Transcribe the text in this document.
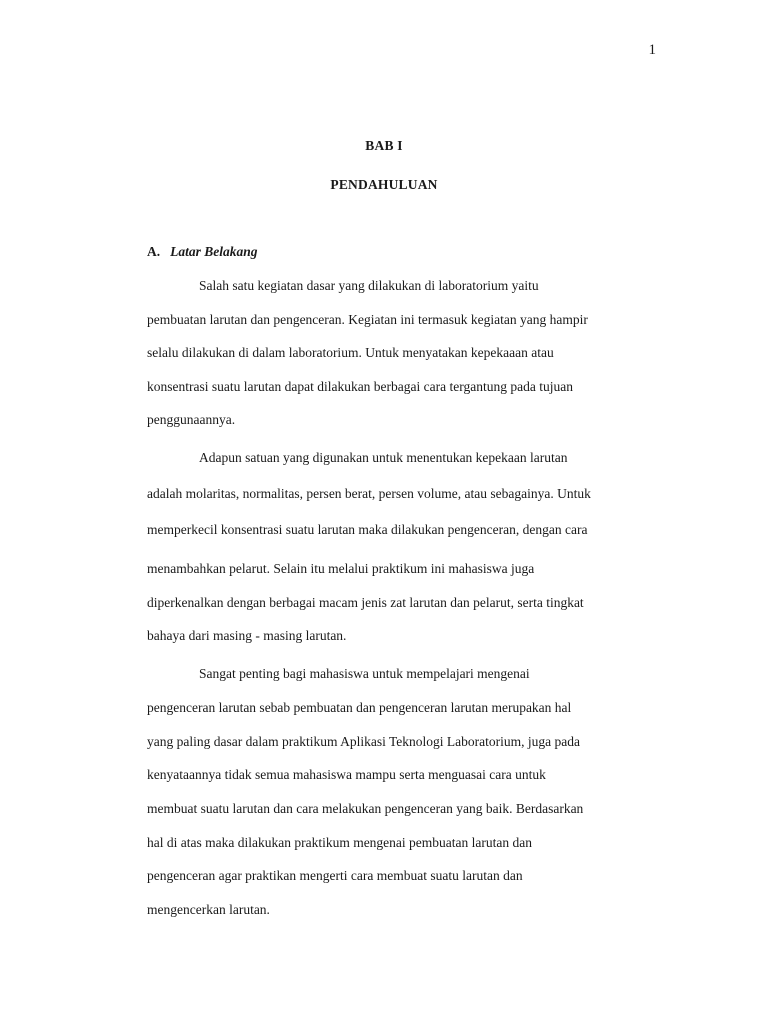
1
BAB I
PENDAHULUAN
A. Latar Belakang
Salah satu kegiatan dasar yang dilakukan di laboratorium yaitu
pembuatan larutan dan pengenceran. Kegiatan ini termasuk kegiatan yang hampir
selalu dilakukan di dalam laboratorium. Untuk menyatakan kepekaaan atau
konsentrasi suatu larutan dapat dilakukan berbagai cara tergantung pada tujuan
penggunaannya.
Adapun satuan yang digunakan untuk menentukan kepekaan larutan
adalah molaritas, normalitas, persen berat, persen volume, atau sebagainya. Untuk
memperkecil konsentrasi suatu larutan maka dilakukan pengenceran, dengan cara
menambahkan pelarut. Selain itu melalui praktikum ini mahasiswa juga
diperkenalkan dengan berbagai macam jenis zat larutan dan pelarut, serta tingkat
bahaya dari masing - masing larutan.
Sangat penting bagi mahasiswa untuk mempelajari mengenai
pengenceran larutan sebab pembuatan dan pengenceran larutan merupakan hal
yang paling dasar dalam praktikum Aplikasi Teknologi Laboratorium, juga pada
kenyataannya tidak semua mahasiswa mampu serta menguasai cara untuk
membuat suatu larutan dan cara melakukan pengenceran yang baik. Berdasarkan
hal di atas maka dilakukan praktikum mengenai pembuatan larutan dan
pengenceran agar praktikan mengerti cara membuat suatu larutan dan
mengencerkan larutan.
